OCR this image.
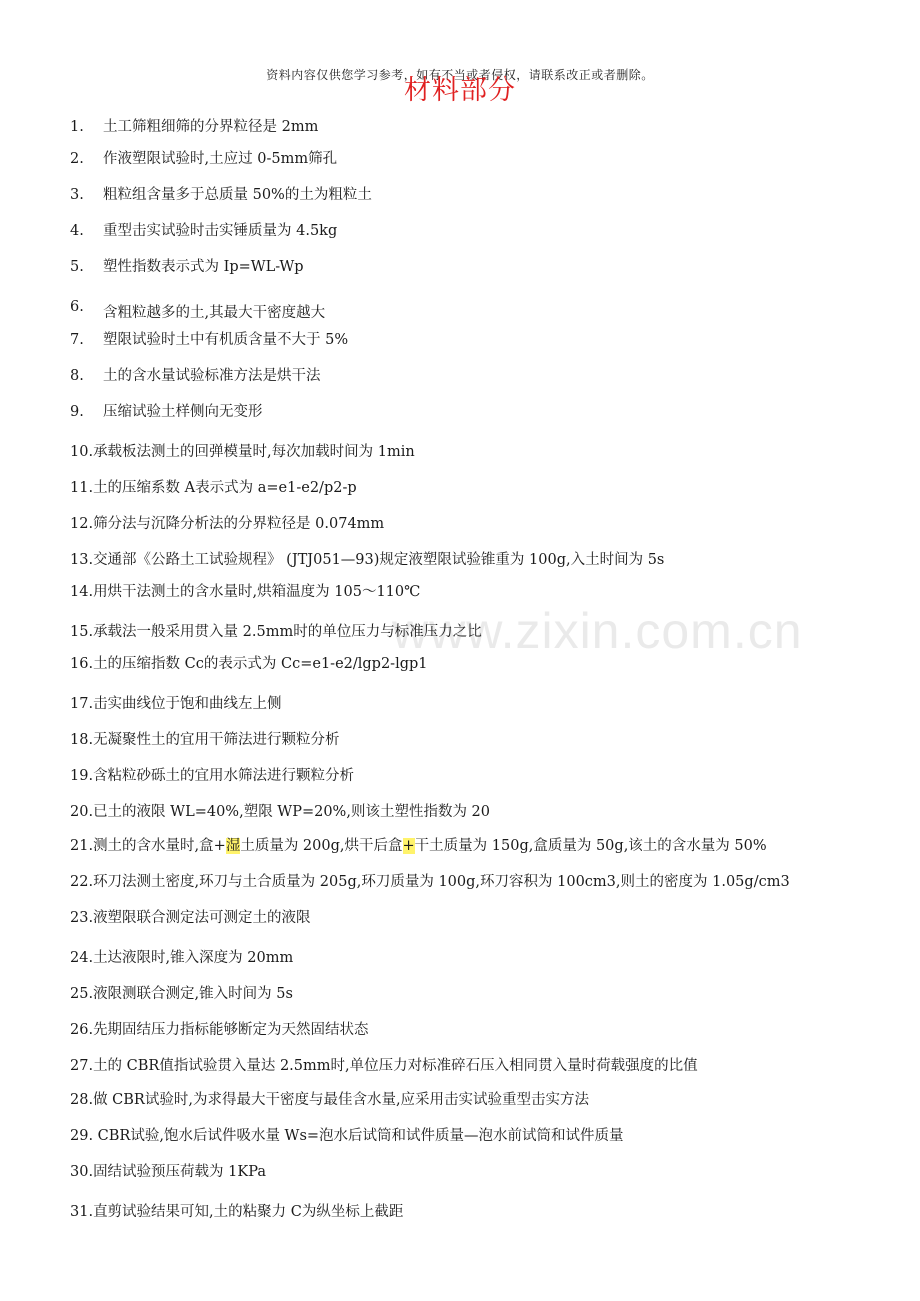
资料内容仅供您学习参考，如有不当或者侵权，请联系改正或者删除。
材料部分
www.zixin.com.cn
1. 土工筛粗细筛的分界粒径是 2mm
2. 作液塑限试验时,土应过 0-5mm筛孔
3. 粗粒组含量多于总质量 50%的土为粗粒土
4. 重型击实试验时击实锤质量为 4.5kg
5. 塑性指数表示式为 Ip=WL-Wp
6. 含粗粒越多的土,其最大干密度越大
7. 塑限试验时土中有机质含量不大于 5%
8. 土的含水量试验标准方法是烘干法
9. 压缩试验土样侧向无变形
10.承载板法测土的回弹模量时,每次加载时间为 1min
11.土的压缩系数 A表示式为 a=e1-e2/p2-p
12.筛分法与沉降分析法的分界粒径是 0.074mm
13.交通部《公路土工试验规程》 (JTJ051—93)规定液塑限试验锥重为 100g,入土时间为 5s
14.用烘干法测土的含水量时,烘箱温度为 105～110℃
15.承载法一般采用贯入量 2.5mm时的单位压力与标准压力之比
16.土的压缩指数 Cc的表示式为 Cc=e1-e2/lgp2-lgp1
17.击实曲线位于饱和曲线左上侧
18.无凝聚性土的宜用干筛法进行颗粒分析
19.含粘粒砂砾土的宜用水筛法进行颗粒分析
20.已土的液限 WL=40%,塑限 WP=20%,则该土塑性指数为 20
21.测土的含水量时,盒+湿土质量为 200g,烘干后盒+干土质量为 150g,盒质量为 50g,该土的含水量为 50%
22.环刀法测土密度,环刀与土合质量为 205g,环刀质量为 100g,环刀容积为 100cm3,则土的密度为 1.05g/cm3
23.液塑限联合测定法可测定土的液限
24.土达液限时,锥入深度为 20mm
25.液限测联合测定,锥入时间为 5s
26.先期固结压力指标能够断定为天然固结状态
27.土的 CBR值指试验贯入量达 2.5mm时,单位压力对标准碎石压入相同贯入量时荷载强度的比值
28.做 CBR试验时,为求得最大干密度与最佳含水量,应采用击实试验重型击实方法
29. CBR试验,饱水后试件吸水量 Ws=泡水后试筒和试件质量—泡水前试筒和试件质量
30.固结试验预压荷载为 1KPa
31.直剪试验结果可知,土的粘聚力 C为纵坐标上截距
